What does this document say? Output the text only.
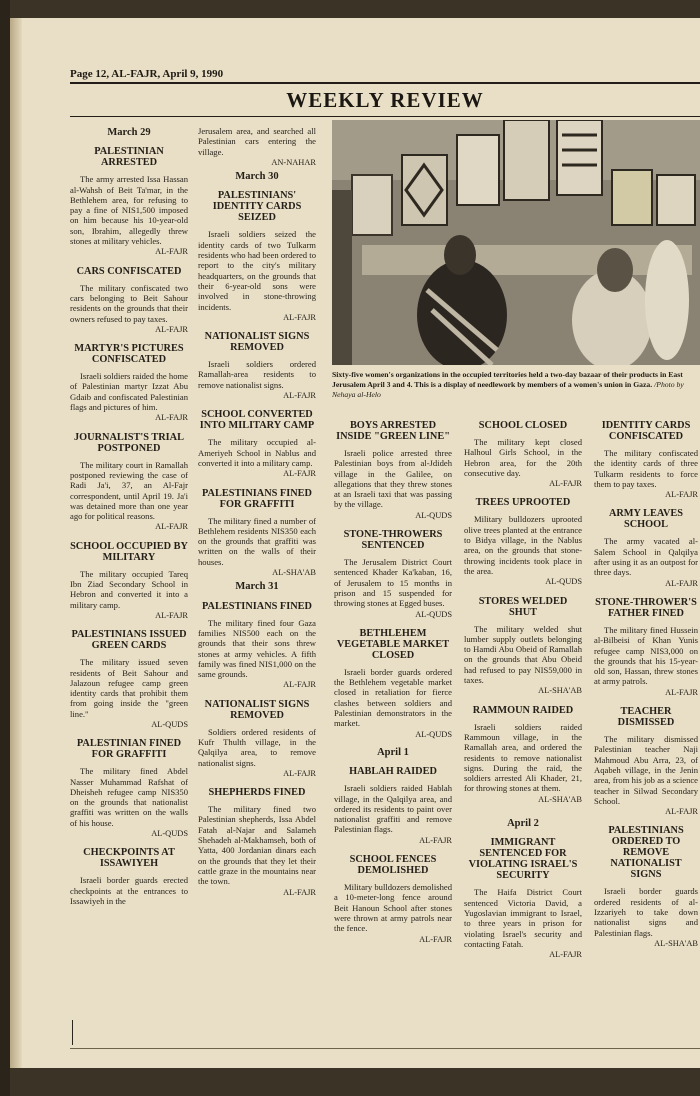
Page 12, AL-FAJR, April 9, 1990
WEEKLY REVIEW
March 29
PALESTINIAN ARRESTED

The army arrested Issa Hassan al-Wahsh of Beit Ta'mar, in the Bethlehem area, for refusing to pay a fine of NIS1,500 imposed on him because his 10-year-old son, Ibrahim, allegedly threw stones at military vehicles.

AL-FAJR
CARS CONFISCATED

The military confiscated two cars belonging to Beit Sahour residents on the grounds that their owners refused to pay taxes.

AL-FAJR
MARTYR'S PICTURES CONFISCATED

Israeli soldiers raided the home of Palestinian martyr Izzat Abu Gdaib and confiscated Palestinian flags and pictures of him.

AL-FAJR
JOURNALIST'S TRIAL POSTPONED

The military court in Ramallah postponed reviewing the case of Radi Ja'i, 37, an Al-Fajr correspondent, until April 19. Ja'i was detained more than one year ago for political reasons.

AL-FAJR
SCHOOL OCCUPIED BY MILITARY

The military occupied Tareq Ibn Ziad Secondary School in Hebron and converted it into a military camp.

AL-FAJR
PALESTINIANS ISSUED GREEN CARDS

The military issued seven residents of Beit Sahour and Jalazoun refugee camp green identity cards that prohibit them from going inside the "green line."

AL-QUDS
PALESTINIAN FINED FOR GRAFFITI

The military fined Abdel Nasser Muhammad Rafshat of Dheisheh refugee camp NIS350 on the grounds that nationalist graffiti was written on the walls of his house.

AL-QUDS
CHECKPOINTS AT ISSAWIYEH

Israeli border guards erected checkpoints at the entrances to Issawiyeh in the

Jerusalem area, and searched all Palestinian cars entering the village.

AN-NAHAR
March 30
PALESTINIANS' IDENTITY CARDS SEIZED

Israeli soldiers seized the identity cards of two Tulkarm residents who had been ordered to report to the city's military headquarters, on the grounds that their 6-year-old sons were involved in stone-throwing incidents.

AL-FAJR
NATIONALIST SIGNS REMOVED

Israeli soldiers ordered Ramallah-area residents to remove nationalist signs.

AL-FAJR
SCHOOL CONVERTED INTO MILITARY CAMP

The military occupied al-Ameriyeh School in Nablus and converted it into a military camp.

AL-FAJR
PALESTINIANS FINED FOR GRAFFITI

The military fined a number of Bethlehem residents NIS350 each on the grounds that graffiti was written on the walls of their houses.

AL-SHA'AB
March 31
PALESTINIANS FINED

The military fined four Gaza families NIS500 each on the grounds that their sons threw stones at army vehicles. A fifth family was fined NIS1,000 on the same grounds.

AL-FAJR
NATIONALIST SIGNS REMOVED

Soldiers ordered residents of Kufr Thulth village, in the Qalqilya area, to remove nationalist signs.

AL-FAJR
SHEPHERDS FINED

The military fined two Palestinian shepherds, Issa Abdel Fatah al-Najar and Salameh Shehadeh al-Makhamseh, both of Yatta, 400 Jordanian dinars each on the grounds that they let their cattle graze in the mountains near the town.

AL-FAJR
Sixty-five women's organizations in the occupied territories held a two-day bazaar of their products in East Jerusalem April 3 and 4. This is a display of needlework by members of a women's union in Gaza. /Photo by Nehaya al-Helo
BOYS ARRESTED INSIDE "GREEN LINE"

Israeli police arrested three Palestinian boys from al-Jdideh village in the Galilee, on allegations that they threw stones at an Israeli taxi that was passing by the village.

AL-QUDS
STONE-THROWERS SENTENCED

The Jerusalem District Court sentenced Khader Ka'kaban, 16, of Jerusalem to 15 months in prison and 15 suspended for throwing stones at Egged buses.

AL-QUDS
BETHLEHEM VEGETABLE MARKET CLOSED

Israeli border guards ordered the Bethlehem vegetable market closed in retaliation for fierce clashes between soldiers and Palestinian demonstrators in the market.

AL-QUDS
April 1
HABLAH RAIDED

Israeli soldiers raided Hablah village, in the Qalqilya area, and ordered its residents to paint over nationalist graffiti and remove Palestinian flags.

AL-FAJR
SCHOOL FENCES DEMOLISHED

Military bulldozers demolished a 10-meter-long fence around Beit Hanoun School after stones were thrown at army patrols near the fence.

AL-FAJR
SCHOOL CLOSED

The military kept closed Halhoul Girls School, in the Hebron area, for the 20th consecutive day.

AL-FAJR
TREES UPROOTED

Military bulldozers uprooted olive trees planted at the entrance to Bidya village, in the Nablus area, on the grounds that stone-throwing incidents took place in the area.

AL-QUDS
STORES WELDED SHUT

The military welded shut lumber supply outlets belonging to Hamdi Abu Obeid of Ramallah on the grounds that Abu Obeid had refused to pay NIS59,000 in taxes.

AL-SHA'AB
RAMMOUN RAIDED

Israeli soldiers raided Rammoun village, in the Ramallah area, and ordered the residents to remove nationalist signs. During the raid, the soldiers arrested Ali Khader, 21, for throwing stones at them.

AL-SHA'AB
April 2
IMMIGRANT SENTENCED FOR VIOLATING ISRAEL'S SECURITY

The Haifa District Court sentenced Victoria David, a Yugoslavian immigrant to Israel, to three years in prison for violating Israel's security and contacting Fatah.

AL-FAJR
IDENTITY CARDS CONFISCATED

The military confiscated the identity cards of three Tulkarm residents to force them to pay taxes.

AL-FAJR
ARMY LEAVES SCHOOL

The army vacated al-Salem School in Qalqilya after using it as an outpost for three days.

AL-FAJR
STONE-THROWER'S FATHER FINED

The military fined Hussein al-Bilbeisi of Khan Yunis refugee camp NIS3,000 on the grounds that his 15-year-old son, Hassan, threw stones at army patrols.

AL-FAJR
TEACHER DISMISSED

The military dismissed Palestinian teacher Naji Mahmoud Abu Arra, 23, of Aqabeh village, in the Jenin area, from his job as a science teacher in Silwad Secondary School.

AL-FAJR
PALESTINIANS ORDERED TO REMOVE NATIONALIST SIGNS

Israeli border guards ordered residents of al-Izzariyeh to take down nationalist signs and Palestinian flags.

AL-SHA'AB
